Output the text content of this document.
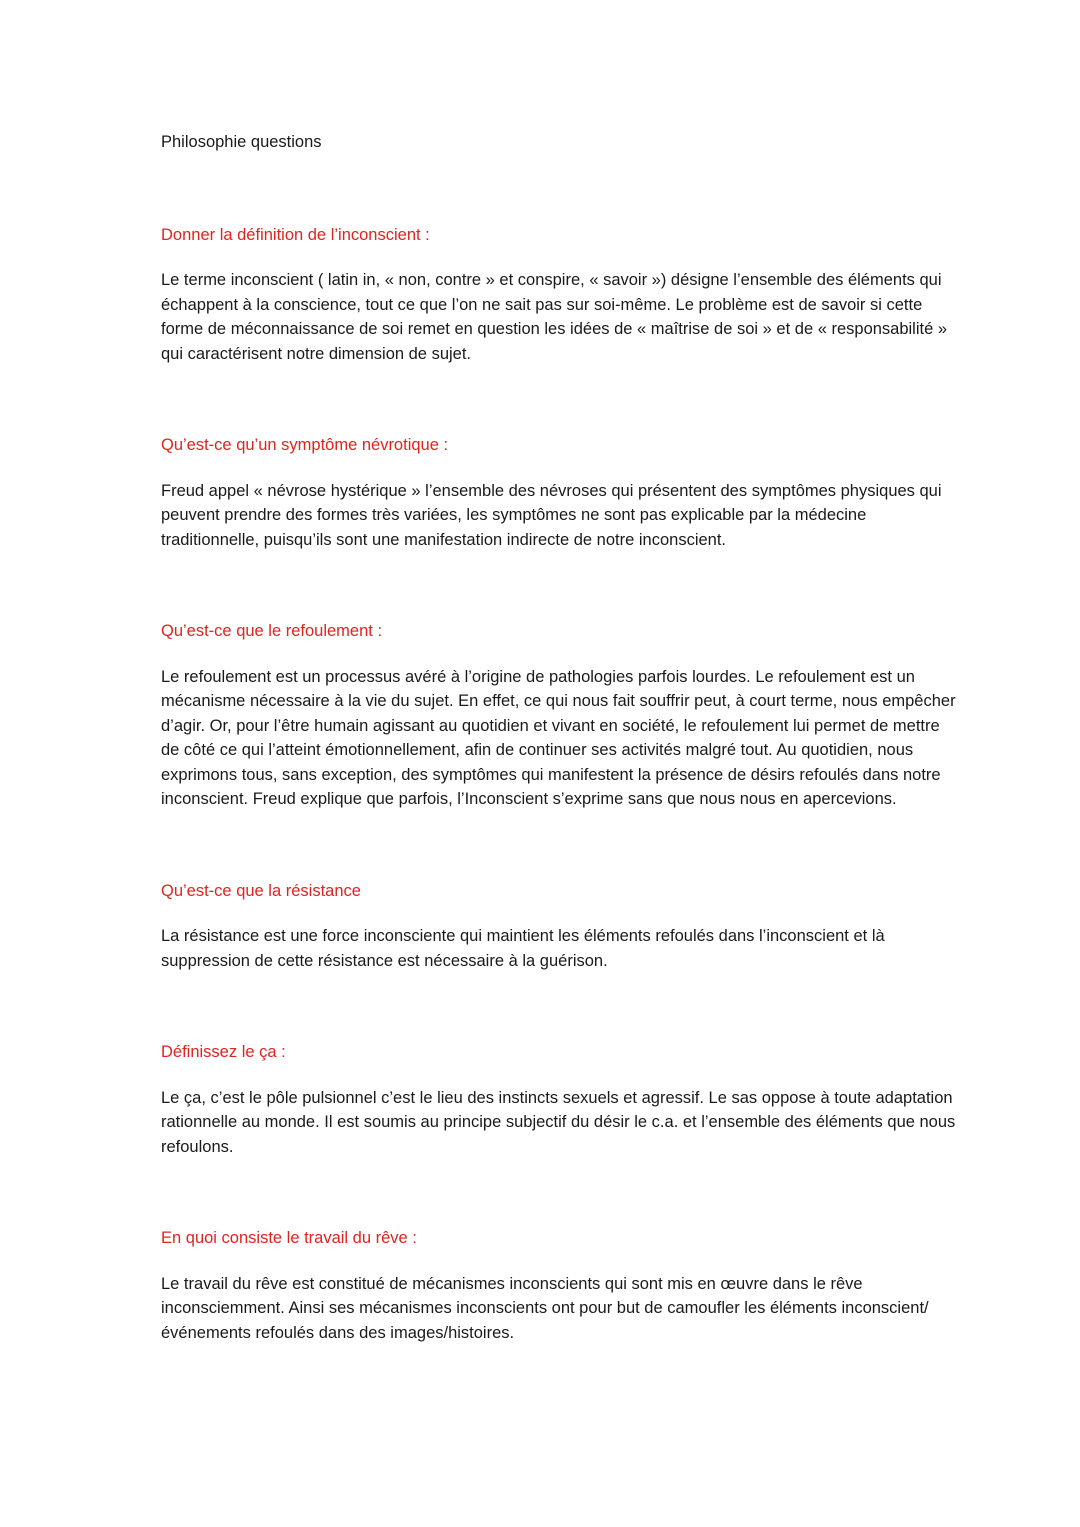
Philosophie questions
Donner la définition de l’inconscient :

Le terme inconscient ( latin in, « non, contre » et conspire, « savoir ») désigne l’ensemble des éléments qui échappent à la conscience, tout ce que l’on ne sait pas sur soi-même. Le problème est de savoir si cette forme de méconnaissance de soi remet en question les idées de « maîtrise de soi » et de « responsabilité » qui caractérisent notre dimension de sujet.

Qu’est-ce qu’un symptôme névrotique :

Freud appel « névrose hystérique » l’ensemble des névroses qui présentent des symptômes physiques qui peuvent prendre des formes très variées, les symptômes ne sont pas explicable par la médecine traditionnelle, puisqu’ils sont une manifestation indirecte de notre inconscient.

Qu’est-ce que le refoulement :

Le refoulement est un processus avéré à l’origine de pathologies parfois lourdes. Le refoulement est un mécanisme nécessaire à la vie du sujet. En effet, ce qui nous fait souffrir peut, à court terme, nous empêcher d’agir. Or, pour l’être humain agissant au quotidien et vivant en société, le refoulement lui permet de mettre de côté ce qui l’atteint émotionnellement, afin de continuer ses activités malgré tout. Au quotidien, nous exprimons tous, sans exception, des symptômes qui manifestent la présence de désirs refoulés dans notre inconscient. Freud explique que parfois, l’Inconscient s’exprime sans que nous nous en apercevions.

Qu’est-ce que la résistance

La résistance est une force inconsciente qui maintient les éléments refoulés dans l’inconscient et là suppression de cette résistance est nécessaire à la guérison.

Définissez le ça :

Le ça, c’est le pôle pulsionnel c’est le lieu des instincts sexuels et agressif. Le sas oppose à toute adaptation rationnelle au monde. Il est soumis au principe subjectif du désir le c.a. et l’ensemble des éléments que nous refoulons.

En quoi consiste le travail du rêve :

Le travail du rêve est constitué de mécanismes inconscients qui sont mis en œuvre dans le rêve inconsciemment. Ainsi ses mécanismes inconscients ont pour but de camoufler les éléments inconscient/ événements refoulés dans des images/histoires.
